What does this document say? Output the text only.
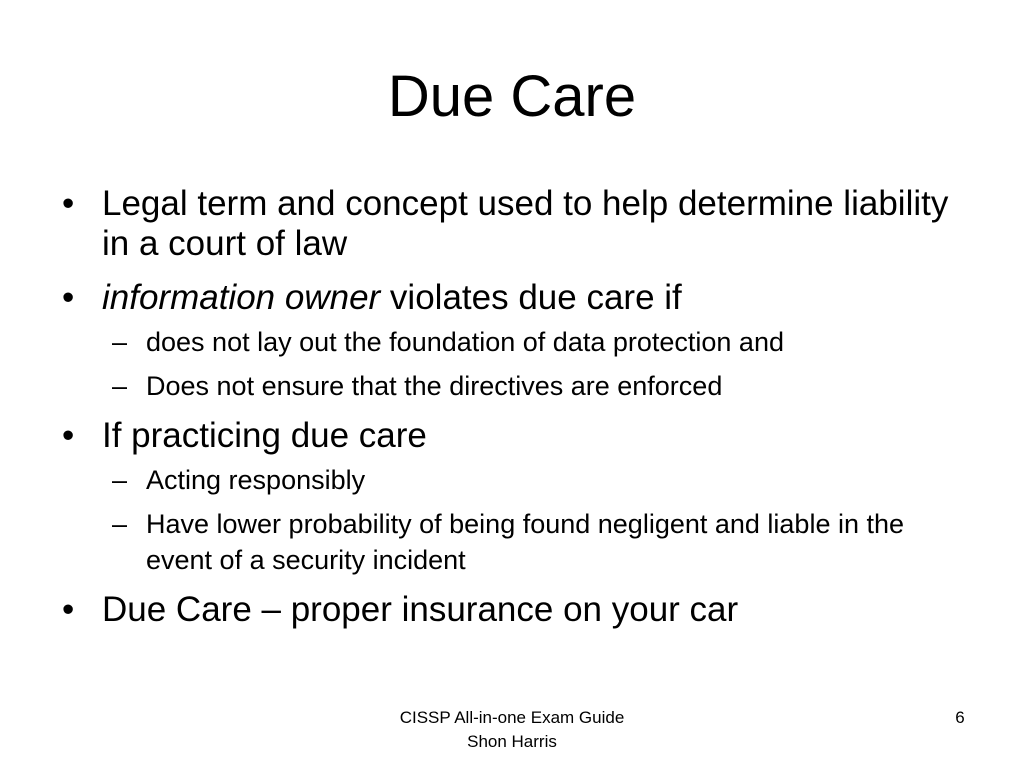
Due Care
• Legal term and concept used to help determine liability in a court of law
• information owner violates due care if
– does not lay out the foundation of data protection and
– Does not ensure that the directives are enforced
• If practicing due care
– Acting responsibly
– Have lower probability of being found negligent and liable in the event of a security incident
• Due Care – proper insurance on your car
CISSP All-in-one Exam Guide
Shon Harris
6
